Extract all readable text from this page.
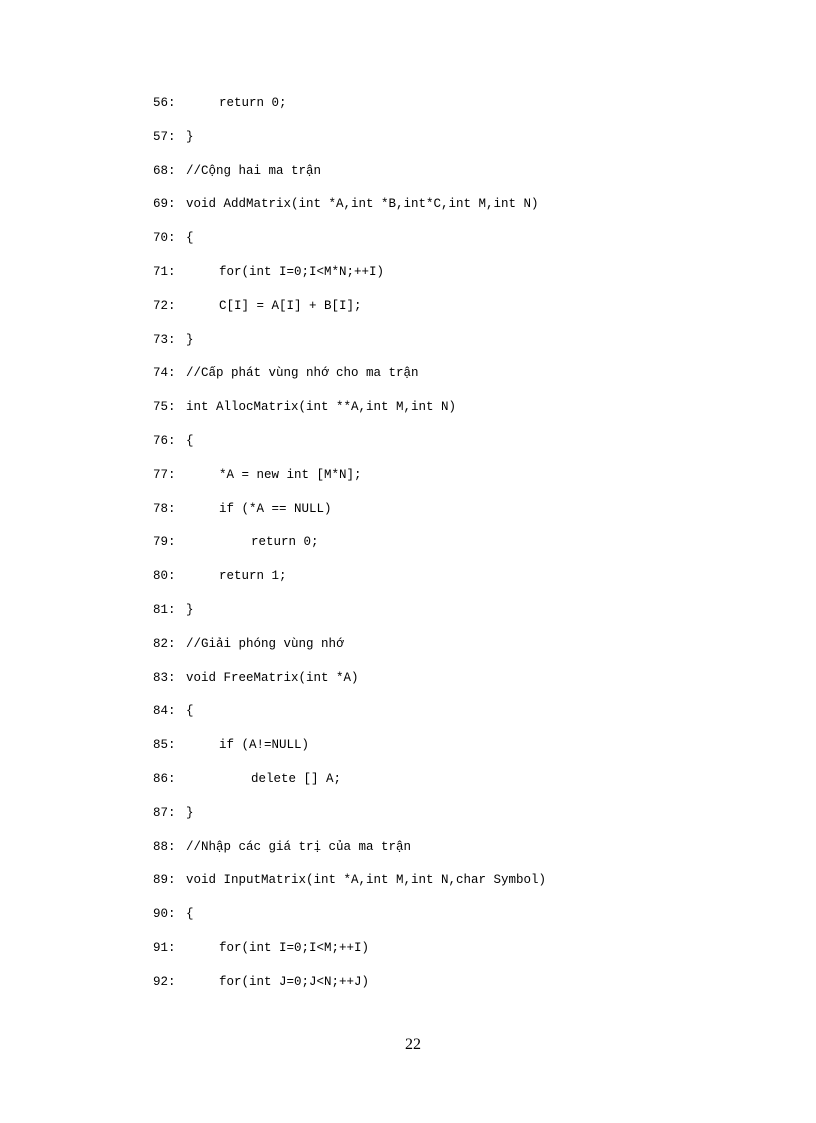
56:	return 0;
57: }
68: //Cộng hai ma trận
69: void AddMatrix(int *A,int *B,int*C,int M,int N)
70: {
71:	for(int I=0;I<M*N;++I)
72:	C[I] = A[I] + B[I];
73: }
74: //Cấp phát vùng nhớ cho ma trận
75: int AllocMatrix(int **A,int M,int N)
76: {
77:	*A = new int [M*N];
78:	if (*A == NULL)
79:	return 0;
80:	return 1;
81: }
82: //Giải phóng vùng nhớ
83: void FreeMatrix(int *A)
84: {
85:	if (A!=NULL)
86:	delete [] A;
87: }
88: //Nhập các giá trị của ma trận
89: void InputMatrix(int *A,int M,int N,char Symbol)
90: {
91:	for(int I=0;I<M;++I)
92:	for(int J=0;J<N;++J)
22
